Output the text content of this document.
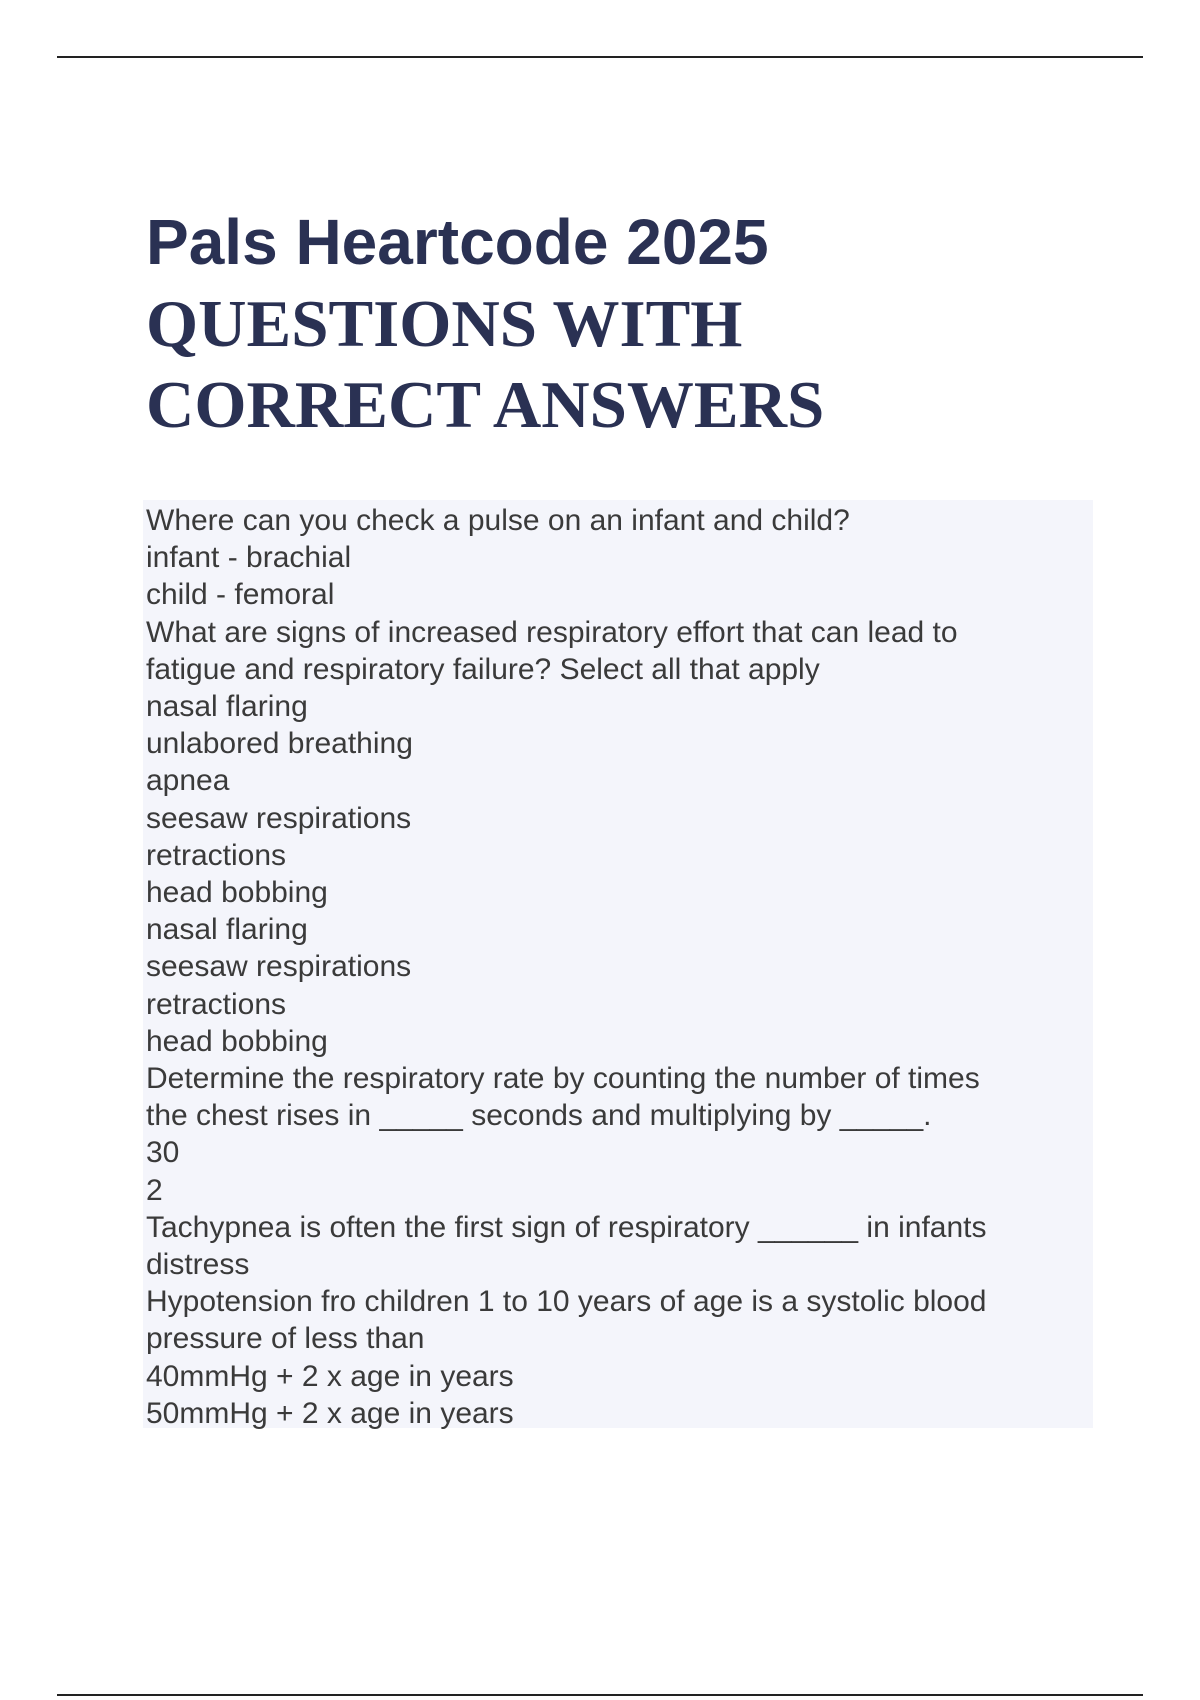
Pals Heartcode 2025
QUESTIONS WITH
CORRECT ANSWERS
Where can you check a pulse on an infant and child?
infant - brachial
child - femoral
What are signs of increased respiratory effort that can lead to
fatigue and respiratory failure? Select all that apply
nasal flaring
unlabored breathing
apnea
seesaw respirations
retractions
head bobbing
nasal flaring
seesaw respirations
retractions
head bobbing
Determine the respiratory rate by counting the number of times
the chest rises in _____ seconds and multiplying by _____.
30
2
Tachypnea is often the first sign of respiratory ______ in infants
distress
Hypotension fro children 1 to 10 years of age is a systolic blood
pressure of less than
40mmHg + 2 x age in years
50mmHg + 2 x age in years
